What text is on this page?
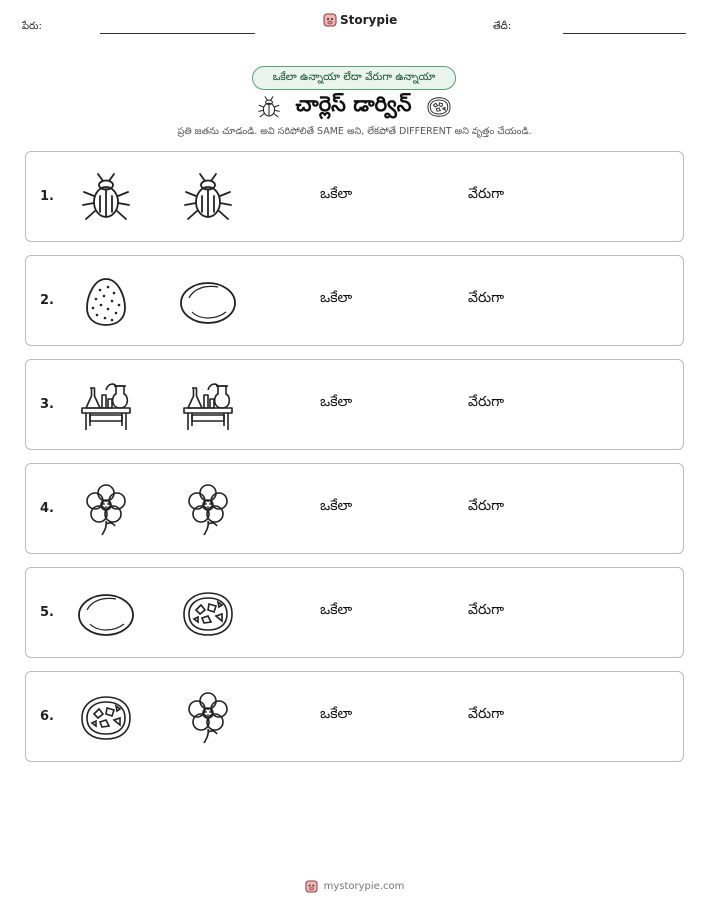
పేరు:	Storypie	తేదీ:
ఒకేలా ఉన్నాయా లేదా వేరుగా ఉన్నాయా
చార్లెస్ డార్విన్
ప్రతి జతను చూడండి. అవి సరిపోలితే SAME అని, లేకపోతే DIFFERENT అని వృత్తం చేయండి.
1.	ఒకేలా	వేరుగా
2.	ఒకేలా	వేరుగా
3.	ఒకేలా	వేరుగా
4.	ఒకేలా	వేరుగా
5.	ఒకేలా	వేరుగా
6.	ఒకేలా	వేరుగా
mystorypie.com
